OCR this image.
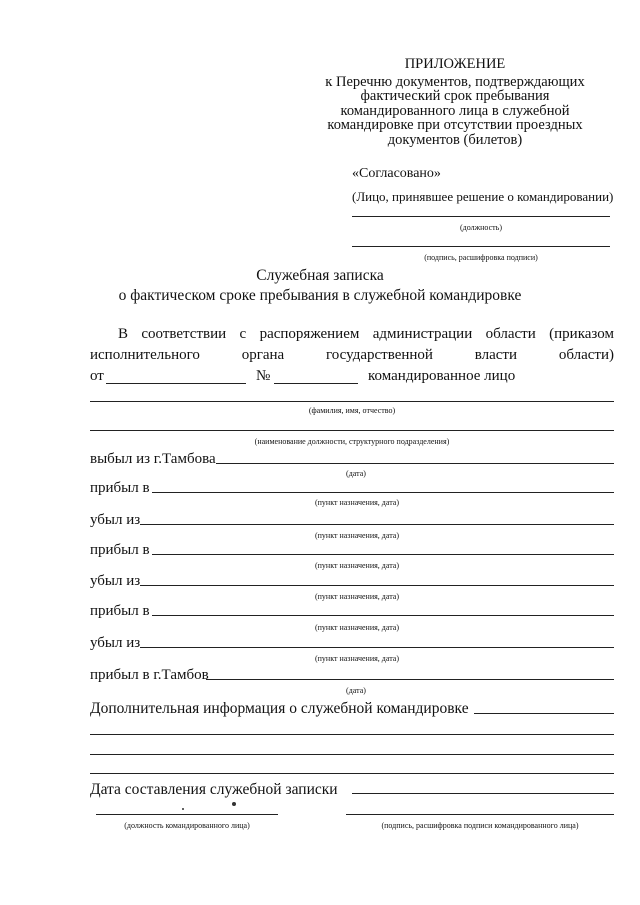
ПРИЛОЖЕНИЕ
к Перечню документов, подтверждающих
фактический срок пребывания
командированного лица в служебной
командировке при отсутствии проездных
документов (билетов)
«Согласовано»
(Лицо, принявшее решение о командировании)
(должность)
(подпись, расшифровка подписи)
Служебная записка
о фактическом сроке пребывания в служебной командировке
В соответствии с распоряжением администрации области (приказом
исполнительного	органа	государственной	власти	области)
от	№	командированное лицо
(фамилия, имя, отчество)
(наименование должности, структурного подразделения)
выбыл из г.Тамбова
(дата)
прибыл в
(пункт назначения, дата)
убыл из
(пункт назначения, дата)
прибыл в
(пункт назначения, дата)
убыл из
(пункт назначения, дата)
прибыл в
(пункт назначения, дата)
убыл из
(пункт назначения, дата)
прибыл в г.Тамбов
(дата)
Дополнительная информация о служебной командировке
Дата составления служебной записки
(должность командированного лица)	(подпись, расшифровка подписи командированного лица)
